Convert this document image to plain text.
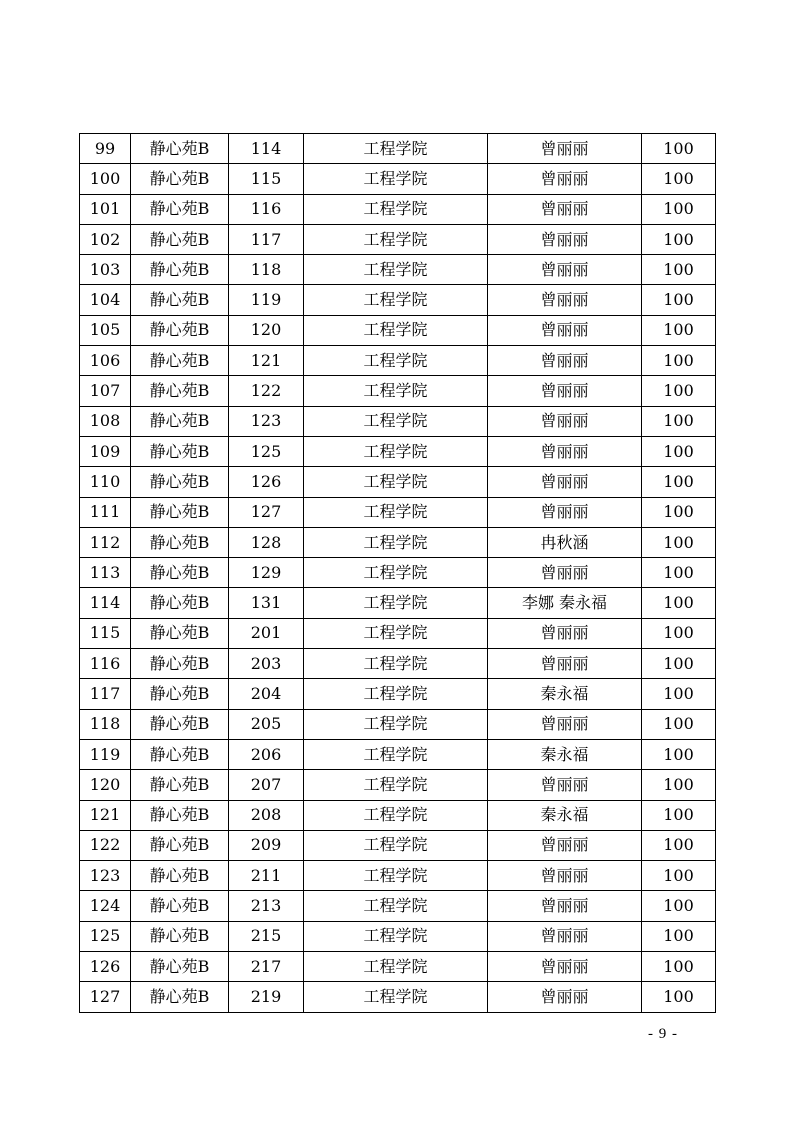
99	静心苑B	114	工程学院	曾丽丽	100
100	静心苑B	115	工程学院	曾丽丽	100
101	静心苑B	116	工程学院	曾丽丽	100
102	静心苑B	117	工程学院	曾丽丽	100
103	静心苑B	118	工程学院	曾丽丽	100
104	静心苑B	119	工程学院	曾丽丽	100
105	静心苑B	120	工程学院	曾丽丽	100
106	静心苑B	121	工程学院	曾丽丽	100
107	静心苑B	122	工程学院	曾丽丽	100
108	静心苑B	123	工程学院	曾丽丽	100
109	静心苑B	125	工程学院	曾丽丽	100
110	静心苑B	126	工程学院	曾丽丽	100
111	静心苑B	127	工程学院	曾丽丽	100
112	静心苑B	128	工程学院	冉秋涵	100
113	静心苑B	129	工程学院	曾丽丽	100
114	静心苑B	131	工程学院	李娜 秦永福	100
115	静心苑B	201	工程学院	曾丽丽	100
116	静心苑B	203	工程学院	曾丽丽	100
117	静心苑B	204	工程学院	秦永福	100
118	静心苑B	205	工程学院	曾丽丽	100
119	静心苑B	206	工程学院	秦永福	100
120	静心苑B	207	工程学院	曾丽丽	100
121	静心苑B	208	工程学院	秦永福	100
122	静心苑B	209	工程学院	曾丽丽	100
123	静心苑B	211	工程学院	曾丽丽	100
124	静心苑B	213	工程学院	曾丽丽	100
125	静心苑B	215	工程学院	曾丽丽	100
126	静心苑B	217	工程学院	曾丽丽	100
127	静心苑B	219	工程学院	曾丽丽	100
- 9 -
